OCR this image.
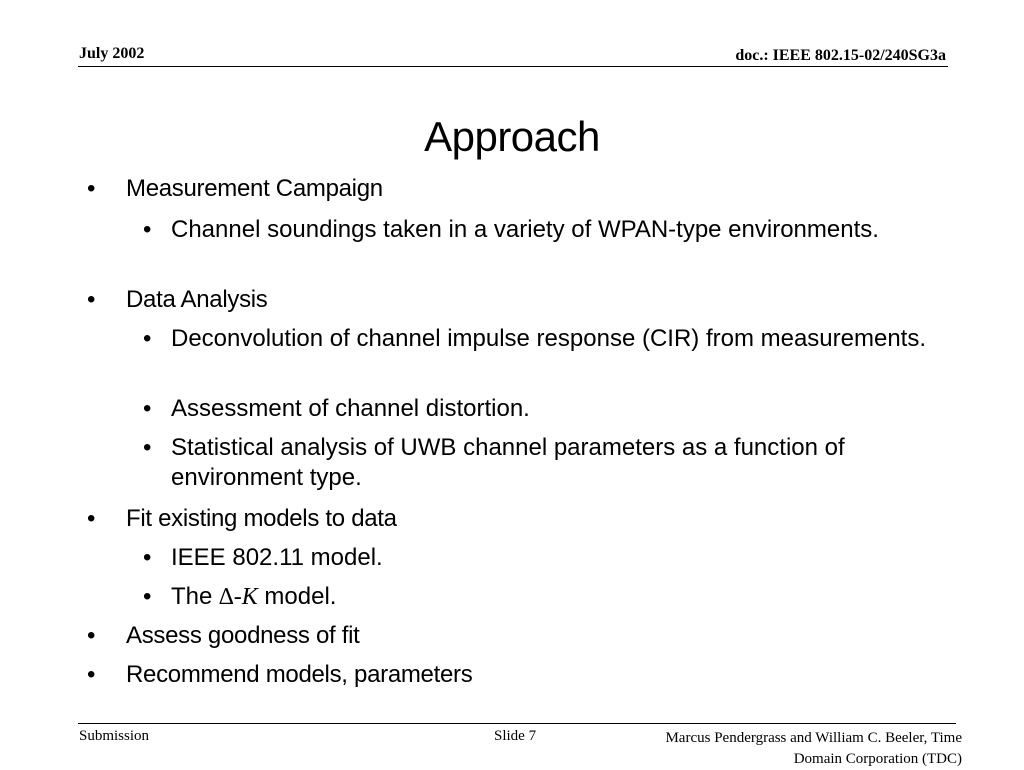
July 2002	doc.: IEEE 802.15-02/240SG3a
Approach
• Measurement Campaign
• Channel soundings taken in a variety of WPAN-type environments.
• Data Analysis
• Deconvolution of channel impulse response (CIR) from measurements.
• Assessment of channel distortion.
• Statistical analysis of UWB channel parameters as a function of environment type.
• Fit existing models to data
• IEEE 802.11 model.
• The ∆-K model.
• Assess goodness of fit
• Recommend models, parameters
Submission	Slide 7	Marcus Pendergrass and William C. Beeler, Time
Domain Corporation (TDC)
